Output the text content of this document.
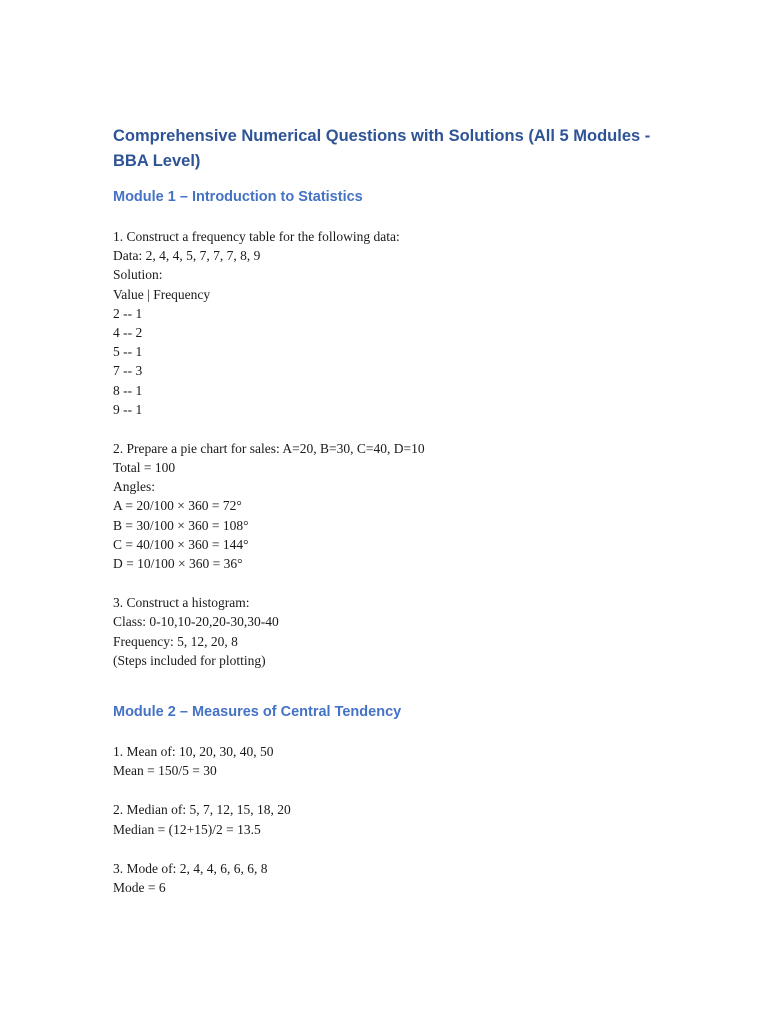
Comprehensive Numerical Questions with Solutions (All 5 Modules - BBA Level)
Module 1 – Introduction to Statistics

1. Construct a frequency table for the following data:

Data: 2, 4, 4, 5, 7, 7, 7, 8, 9

Solution:

Value | Frequency

2 -- 1

4 -- 2

5 -- 1

7 -- 3

8 -- 1

9 -- 1

2. Prepare a pie chart for sales: A=20, B=30, C=40, D=10

Total = 100

Angles:

A = 20/100 × 360 = 72°

B = 30/100 × 360 = 108°

C = 40/100 × 360 = 144°

D = 10/100 × 360 = 36°

3. Construct a histogram:

Class: 0-10,10-20,20-30,30-40

Frequency: 5, 12, 20, 8

(Steps included for plotting)

Module 2 – Measures of Central Tendency

1. Mean of: 10, 20, 30, 40, 50

Mean = 150/5 = 30

2. Median of: 5, 7, 12, 15, 18, 20

Median = (12+15)/2 = 13.5

3. Mode of: 2, 4, 4, 6, 6, 6, 8

Mode = 6
